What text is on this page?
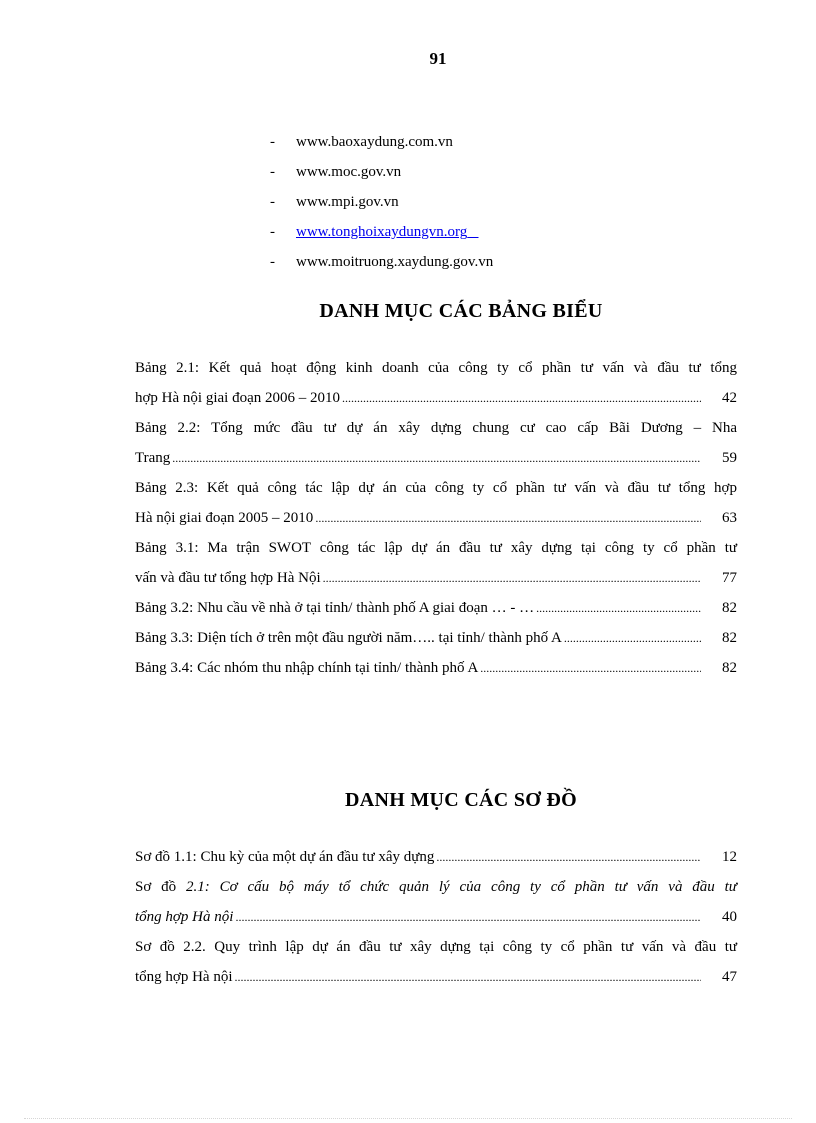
91
- www.baoxaydung.com.vn
- www.moc.gov.vn
- www.mpi.gov.vn
- www.tonghoixaydungvn.org
- www.moitruong.xaydung.gov.vn
DANH MỤC CÁC BẢNG BIỂU
Bảng 2.1: Kết quả hoạt động kinh doanh của công ty cổ phần tư vấn và đầu tư tổng
hợp Hà nội giai đoạn 2006 – 2010 .....	42
Bảng 2.2: Tổng mức đầu tư dự án xây dựng chung cư cao cấp Bãi Dương – Nha
Trang .....	59
Bảng 2.3: Kết quả công tác lập dự án của công ty cổ phần tư vấn và đầu tư tổng hợp
Hà nội giai đoạn 2005 – 2010 .....	63
Bảng 3.1: Ma trận SWOT công tác lập dự án đầu tư xây dựng tại công ty cổ phần tư
vấn và đầu tư tổng hợp Hà Nội .....	77
Bảng 3.2: Nhu cầu về nhà ở tại tỉnh/ thành phố A giai đoạn … - … .....	82
Bảng 3.3: Diện tích ở trên một đầu người năm….. tại tỉnh/ thành phố A .....	82
Bảng 3.4: Các nhóm thu nhập chính tại tỉnh/ thành phố A .....	82
DANH MỤC CÁC SƠ ĐỒ
Sơ đồ 1.1: Chu kỳ của một dự án đầu tư xây dựng .....	12
Sơ đồ 2.1: Cơ cấu bộ máy tổ chức quản lý của công ty cổ phần tư vấn và đầu tư
tổng hợp Hà nội .....	40
Sơ đồ 2.2. Quy trình lập dự án đầu tư xây dựng tại công ty cổ phần tư vấn và đầu tư
tổng hợp Hà nội .....	47
